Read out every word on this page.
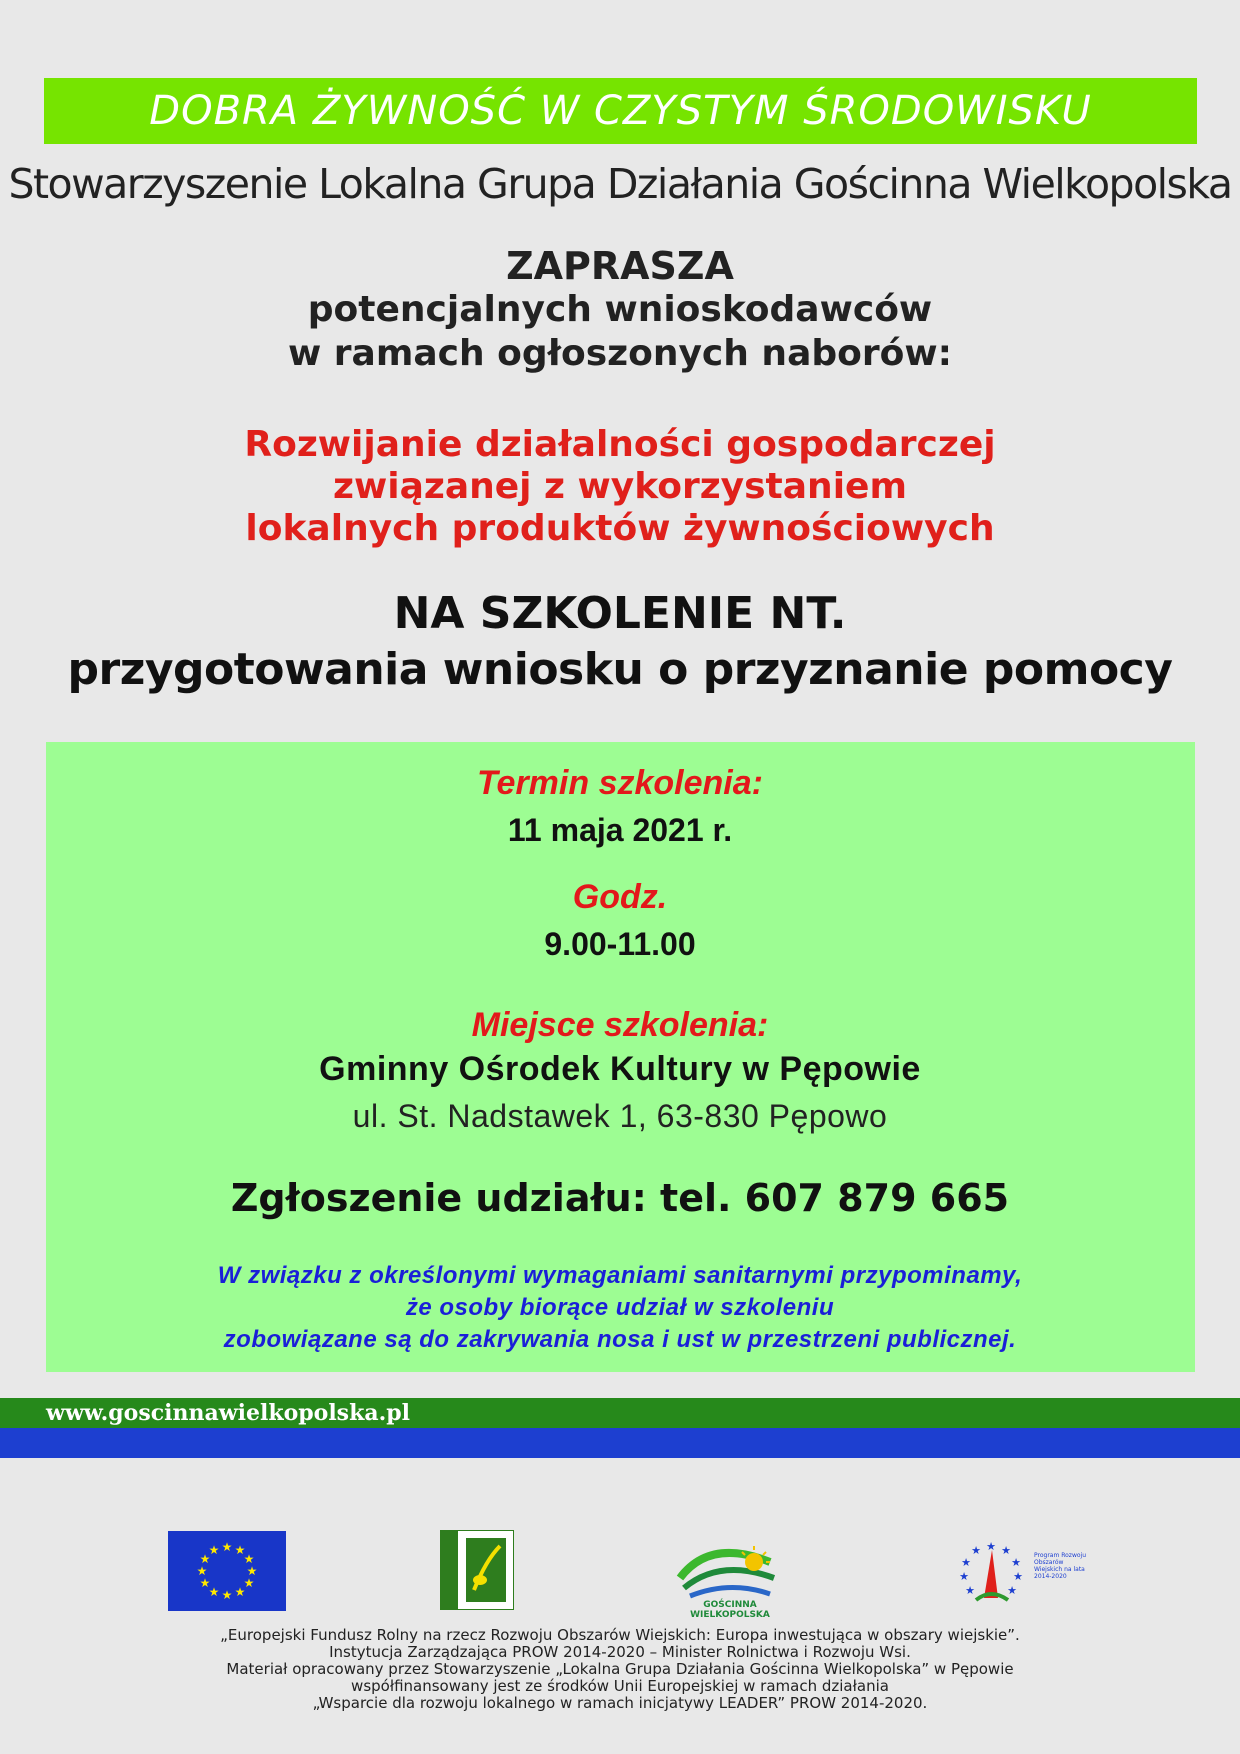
DOBRA ŻYWNOŚĆ W CZYSTYM ŚRODOWISKU
Stowarzyszenie Lokalna Grupa Działania Gościnna Wielkopolska
ZAPRASZA
potencjalnych wnioskodawców
w ramach ogłoszonych naborów:
Rozwijanie działalności gospodarczej
związanej z wykorzystaniem
lokalnych produktów żywnościowych
NA SZKOLENIE NT.
przygotowania wniosku o przyznanie pomocy
Termin szkolenia:
11 maja 2021 r.
Godz.
9.00-11.00
Miejsce szkolenia:
Gminny Ośrodek Kultury w Pępowie
ul. St. Nadstawek 1, 63-830 Pępowo
Zgłoszenie udziału: tel. 607 879 665
W związku z określonymi wymaganiami sanitarnymi przypominamy,
że osoby biorące udział w szkoleniu
zobowiązane są do zakrywania nosa i ust w przestrzeni publicznej.
www.goscinnawielkopolska.pl
★ ★
★
★
★
★
★
★
★
★
★
★
GOŚCINNA WIELKOPOLSKA
★ ★
★
★
★
★
★
★
★
Program Rozwoju Obszarów Wiejskich na lata 2014-2020
„Europejski Fundusz Rolny na rzecz Rozwoju Obszarów Wiejskich: Europa inwestująca w obszary wiejskie”.
Instytucja Zarządzająca PROW 2014-2020 – Minister Rolnictwa i Rozwoju Wsi.
Materiał opracowany przez Stowarzyszenie „Lokalna Grupa Działania Gościnna Wielkopolska” w Pępowie
współfinansowany jest ze środków Unii Europejskiej w ramach działania
„Wsparcie dla rozwoju lokalnego w ramach inicjatywy LEADER” PROW 2014-2020.
